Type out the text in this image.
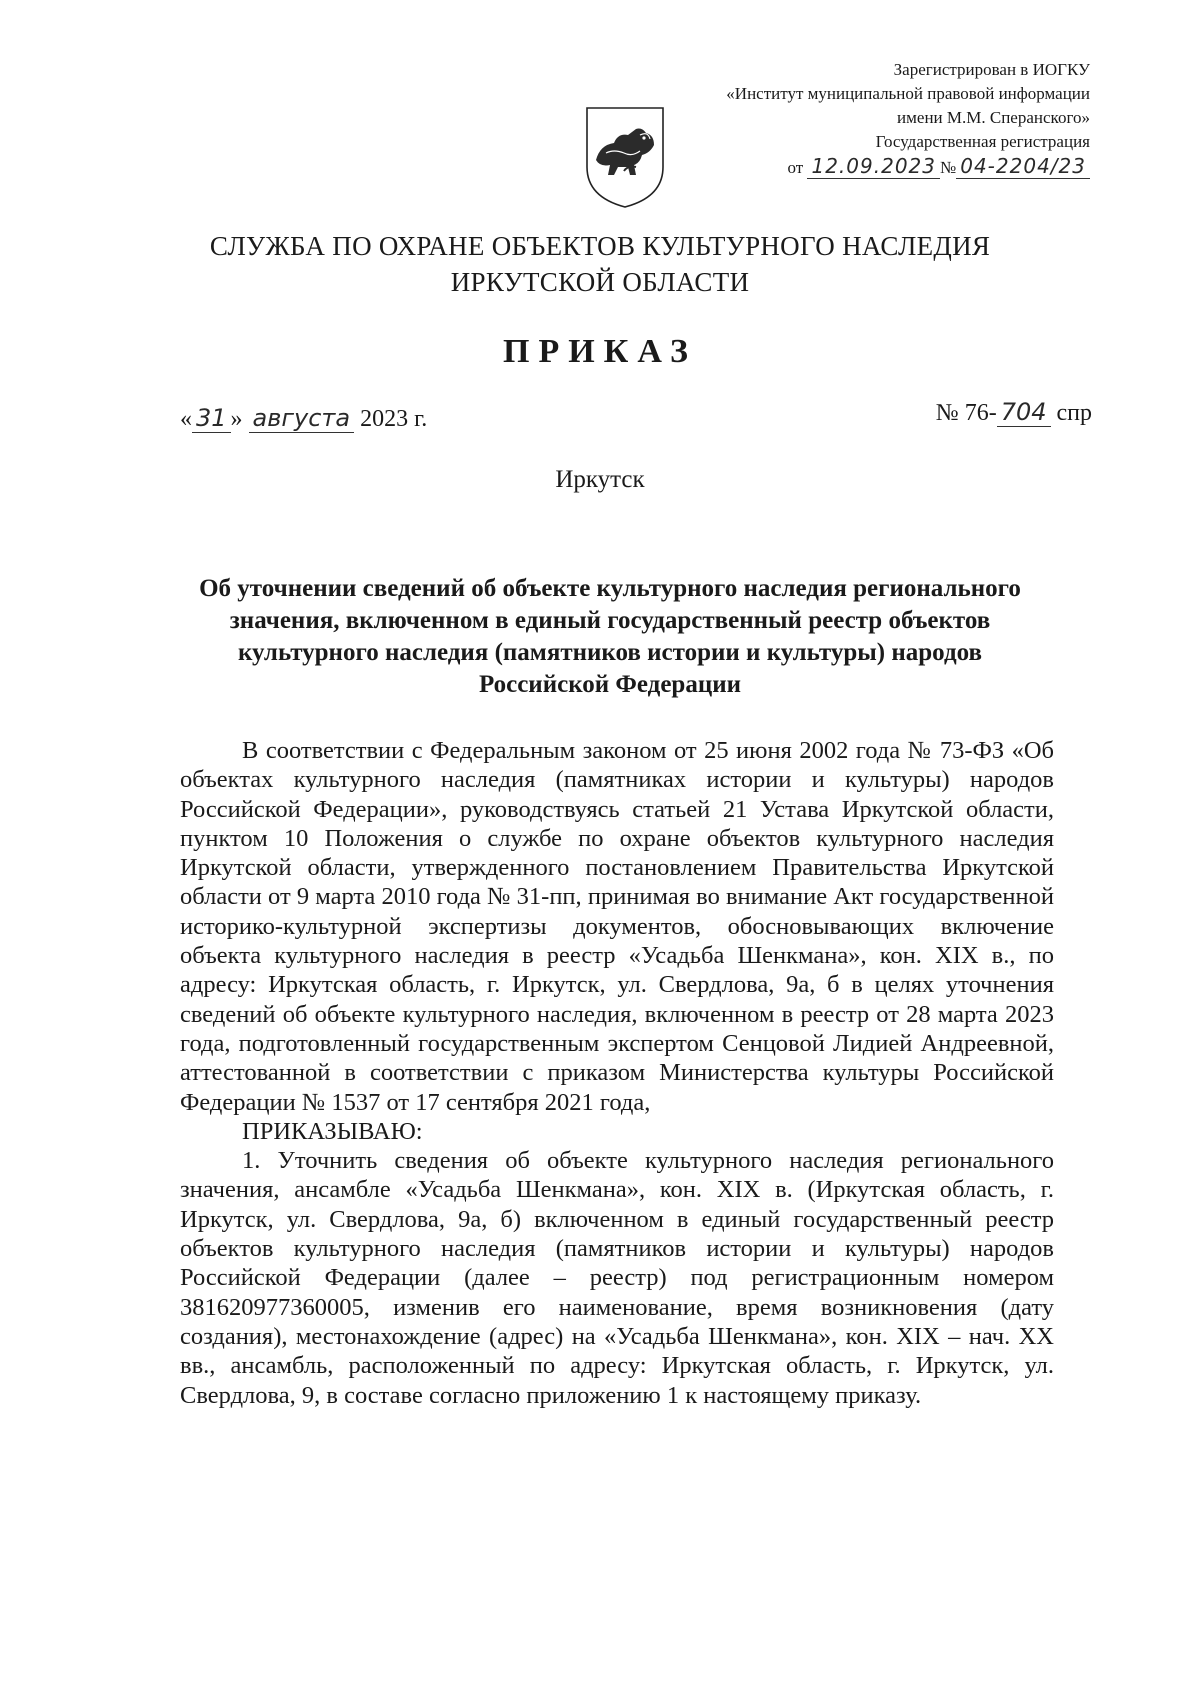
Зарегистрирован в ИОГКУ
«Институт муниципальной правовой информации
имени М.М. Сперанского»
Государственная регистрация
от 12.09.2023 № 04-2204/23
СЛУЖБА ПО ОХРАНЕ ОБЪЕКТОВ КУЛЬТУРНОГО НАСЛЕДИЯ
ИРКУТСКОЙ ОБЛАСТИ
ПРИКАЗ
« 31 » августа 2023 г.	№ 76- 704 спр
Иркутск
Об уточнении сведений об объекте культурного наследия регионального значения, включенном в единый государственный реестр объектов культурного наследия (памятников истории и культуры) народов Российской Федерации

В соответствии с Федеральным законом от 25 июня 2002 года № 73-ФЗ «Об объектах культурного наследия (памятниках истории и культуры) народов Российской Федерации», руководствуясь статьей 21 Устава Иркутской области, пунктом 10 Положения о службе по охране объектов культурного наследия Иркутской области, утвержденного постановлением Правительства Иркутской области от 9 марта 2010 года № 31-пп, принимая во внимание Акт государственной историко-культурной экспертизы документов, обосновывающих включение объекта культурного наследия в реестр «Усадьба Шенкмана», кон. XIX в., по адресу: Иркутская область, г. Иркутск, ул. Свердлова, 9а, б в целях уточнения сведений об объекте культурного наследия, включенном в реестр от 28 марта 2023 года, подготовленный государственным экспертом Сенцовой Лидией Андреевной, аттестованной в соответствии с приказом Министерства культуры Российской Федерации № 1537 от 17 сентября 2021 года,

ПРИКАЗЫВАЮ:

1. Уточнить сведения об объекте культурного наследия регионального значения, ансамбле «Усадьба Шенкмана», кон. XIX в. (Иркутская область, г. Иркутск, ул. Свердлова, 9а, б) включенном в единый государственный реестр объектов культурного наследия (памятников истории и культуры) народов Российской Федерации (далее – реестр) под регистрационным номером 381620977360005, изменив его наименование, время возникновения (дату создания), местонахождение (адрес) на «Усадьба Шенкмана», кон. XIX – нач. XX вв., ансамбль, расположенный по адресу: Иркутская область, г. Иркутск, ул. Свердлова, 9, в составе согласно приложению 1 к настоящему приказу.
